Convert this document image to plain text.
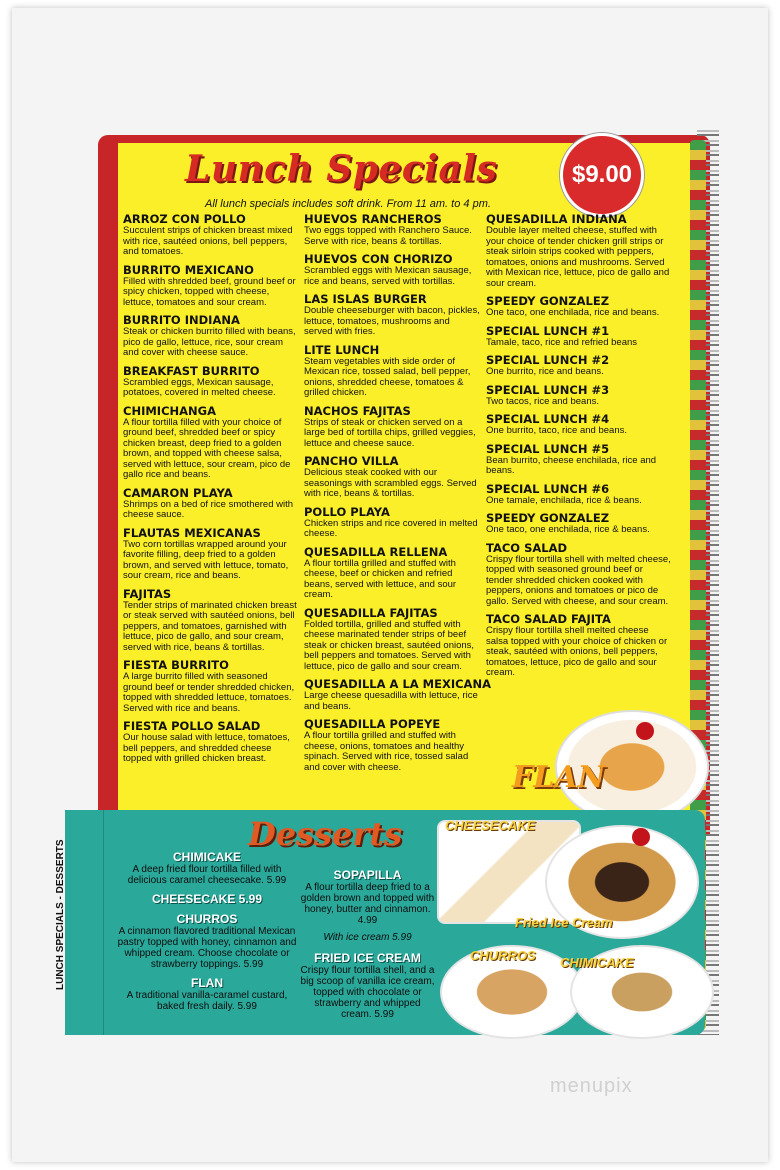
Lunch Specials	$9.00
All lunch specials includes soft drink. From 11 am. to 4 pm.
ARROZ CON POLLO
Succulent strips of chicken breast mixed with rice, sautéed onions, bell peppers, and tomatoes.
BURRITO MEXICANO
Filled with shredded beef, ground beef or spicy chicken, topped with cheese, lettuce, tomatoes and sour cream.
BURRITO INDIANA
Steak or chicken burrito filled with beans, pico de gallo, lettuce, rice, sour cream and cover with cheese sauce.
BREAKFAST BURRITO
Scrambled eggs, Mexican sausage, potatoes, covered in melted cheese.
CHIMICHANGA
A flour tortilla filled with your choice of ground beef, shredded beef or spicy chicken breast, deep fried to a golden brown, and topped with cheese salsa, served with lettuce, sour cream, pico de gallo rice and beans.
CAMARON PLAYA
Shrimps on a bed of rice smothered with cheese sauce.
FLAUTAS MEXICANAS
Two corn tortillas wrapped around your favorite filling, deep fried to a golden brown, and served with lettuce, tomato, sour cream, rice and beans.
FAJITAS
Tender strips of marinated chicken breast or steak served with sautéed onions, bell peppers, and tomatoes, garnished with lettuce, pico de gallo, and sour cream, served with rice, beans & tortillas.
FIESTA BURRITO
A large burrito filled with seasoned ground beef or tender shredded chicken, topped with shredded lettuce, tomatoes. Served with rice and beans.
FIESTA POLLO SALAD
Our house salad with lettuce, tomatoes, bell peppers, and shredded cheese topped with grilled chicken breast.
HUEVOS RANCHEROS
Two eggs topped with Ranchero Sauce. Serve with rice, beans & tortillas.
HUEVOS CON CHORIZO
Scrambled eggs with Mexican sausage, rice and beans, served with tortillas.
LAS ISLAS BURGER
Double cheeseburger with bacon, pickles, lettuce, tomatoes, mushrooms and served with fries.
LITE LUNCH
Steam vegetables with side order of Mexican rice, tossed salad, bell pepper, onions, shredded cheese, tomatoes & grilled chicken.
NACHOS FAJITAS
Strips of steak or chicken served on a large bed of tortilla chips, grilled veggies, lettuce and cheese sauce.
PANCHO VILLA
Delicious steak cooked with our seasonings with scrambled eggs. Served with rice, beans & tortillas.
POLLO PLAYA
Chicken strips and rice covered in melted cheese.
QUESADILLA RELLENA
A flour tortilla grilled and stuffed with cheese, beef or chicken and refried beans, served with lettuce, and sour cream.
QUESADILLA FAJITAS
Folded tortilla, grilled and stuffed with cheese marinated tender strips of beef steak or chicken breast, sautéed onions, bell peppers and tomatoes. Served with lettuce, pico de gallo and sour cream.
QUESADILLA A LA MEXICANA
Large cheese quesadilla with lettuce, rice and beans.
QUESADILLA POPEYE
A flour tortilla grilled and stuffed with cheese, onions, tomatoes and healthy spinach. Served with rice, tossed salad and cover with cheese.
QUESADILLA INDIANA
Double layer melted cheese, stuffed with your choice of tender chicken grill strips or steak sirloin strips cooked with peppers, tomatoes, onions and mushrooms. Served with Mexican rice, lettuce, pico de gallo and sour cream.
SPEEDY GONZALEZ
One taco, one enchilada, rice and beans.
SPECIAL LUNCH #1
Tamale, taco, rice and refried beans
SPECIAL LUNCH #2
One burrito, rice and beans.
SPECIAL LUNCH #3
Two tacos, rice and beans.
SPECIAL LUNCH #4
One burrito, taco, rice and beans.
SPECIAL LUNCH #5
Bean burrito, cheese enchilada, rice and beans.
SPECIAL LUNCH #6
One tamale, enchilada, rice & beans.
SPEEDY GONZALEZ
One taco, one enchilada, rice & beans.
TACO SALAD
Crispy flour tortilla shell with melted cheese, topped with seasoned ground beef or tender shredded chicken cooked with peppers, onions and tomatoes or pico de gallo. Served with cheese, and sour cream.
TACO SALAD FAJITA
Crispy flour tortilla shell melted cheese salsa topped with your choice of chicken or steak, sautéed with onions, bell peppers, tomatoes, lettuce, pico de gallo and sour cream.
FLAN
LUNCH SPECIALS - DESSERTS
Desserts
CHIMICAKE
A deep fried flour tortilla filled with delicious caramel cheesecake. 5.99
CHEESECAKE 5.99
CHURROS
A cinnamon flavored traditional Mexican pastry topped with honey, cinnamon and whipped cream. Choose chocolate or strawberry toppings. 5.99
FLAN
A traditional vanilla-caramel custard, baked fresh daily. 5.99
SOPAPILLA
A flour tortilla deep fried to a golden brown and topped with honey, butter and cinnamon. 4.99
With ice cream 5.99
FRIED ICE CREAM
Crispy flour tortilla shell, and a big scoop of vanilla ice cream, topped with chocolate or strawberry and whipped cream. 5.99
CHEESECAKE
Fried Ice Cream
CHURROS CHIMICAKE
menupix
